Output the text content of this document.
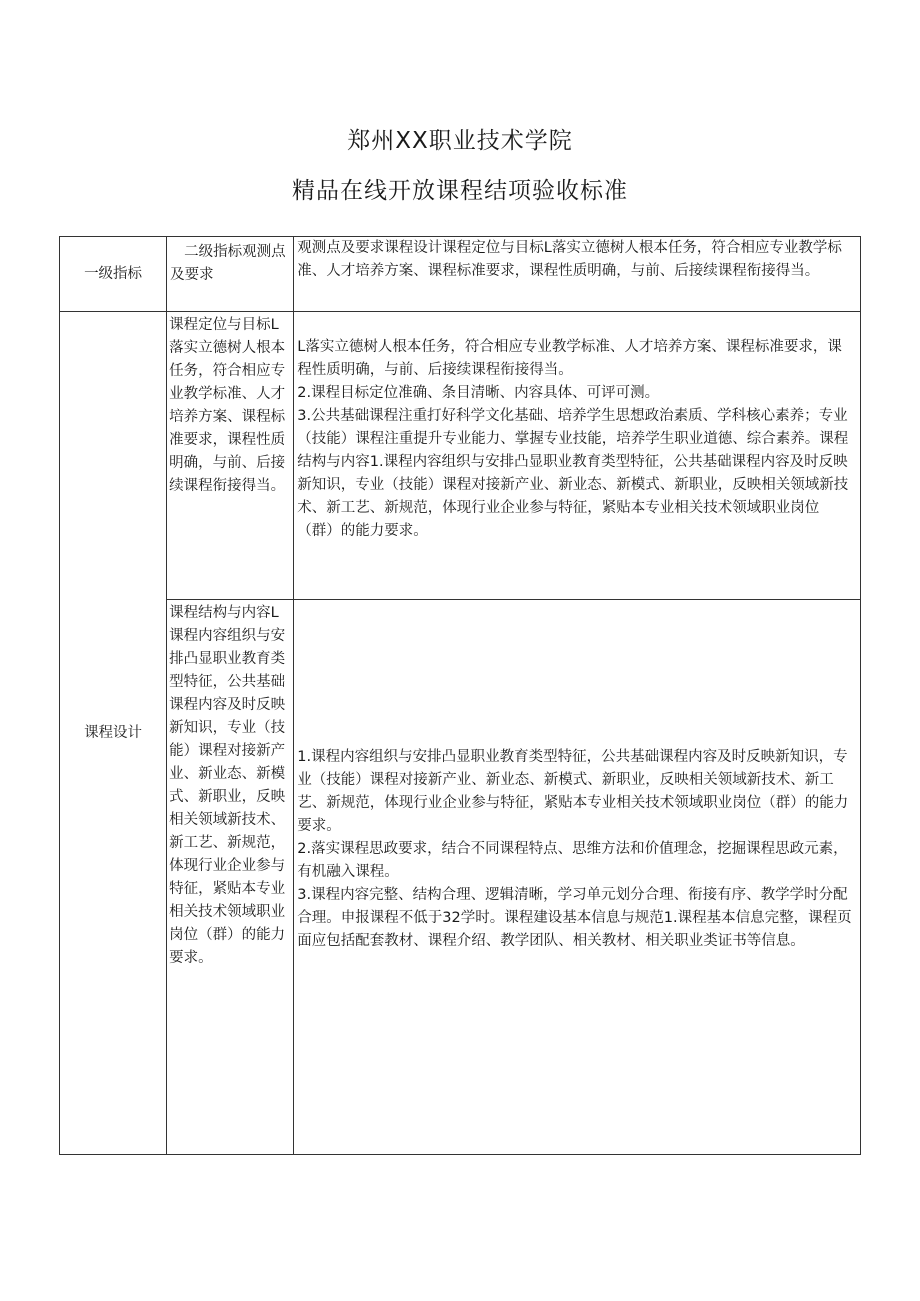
郑州XX职业技术学院
精品在线开放课程结项验收标准
一级指标	二级指标观测点及要求	观测点及要求课程设计课程定位与目标L落实立德树人根本任务，符合相应专业教学标准、人才培养方案、课程标准要求，课程性质明确，与前、后接续课程衔接得当。
课程设计	课程定位与目标L落实立德树人根本任务，符合相应专业教学标准、人才培养方案、课程标准要求，课程性质明确，与前、后接续课程衔接得当。	L落实立德树人根本任务，符合相应专业教学标准、人才培养方案、课程标准要求，课程性质明确，与前、后接续课程衔接得当。

2.课程目标定位准确、条目清晰、内容具体、可评可测。

3.公共基础课程注重打好科学文化基础、培养学生思想政治素质、学科核心素养；专业（技能）课程注重提升专业能力、掌握专业技能，培养学生职业道德、综合素养。课程结构与内容1.课程内容组织与安排凸显职业教育类型特征，公共基础课程内容及时反映新知识，专业（技能）课程对接新产业、新业态、新模式、新职业，反映相关领域新技术、新工艺、新规范，体现行业企业参与特征，紧贴本专业相关技术领域职业岗位（群）的能力要求。

	课程结构与内容L课程内容组织与安排凸显职业教育类型特征，公共基础课程内容及时反映新知识，专业（技能）课程对接新产业、新业态、新模式、新职业，反映相关领域新技术、新工艺、新规范，体现行业企业参与特征，紧贴本专业相关技术领域职业岗位（群）的能力要求。	1.课程内容组织与安排凸显职业教育类型特征，公共基础课程内容及时反映新知识，专业（技能）课程对接新产业、新业态、新模式、新职业，反映相关领域新技术、新工艺、新规范，体现行业企业参与特征，紧贴本专业相关技术领域职业岗位（群）的能力要求。

2.落实课程思政要求，结合不同课程特点、思维方法和价值理念，挖掘课程思政元素，有机融入课程。

3.课程内容完整、结构合理、逻辑清晰，学习单元划分合理、衔接有序、教学学时分配合理。申报课程不低于32学时。课程建设基本信息与规范1.课程基本信息完整，课程页面应包括配套教材、课程介绍、教学团队、相关教材、相关职业类证书等信息。
